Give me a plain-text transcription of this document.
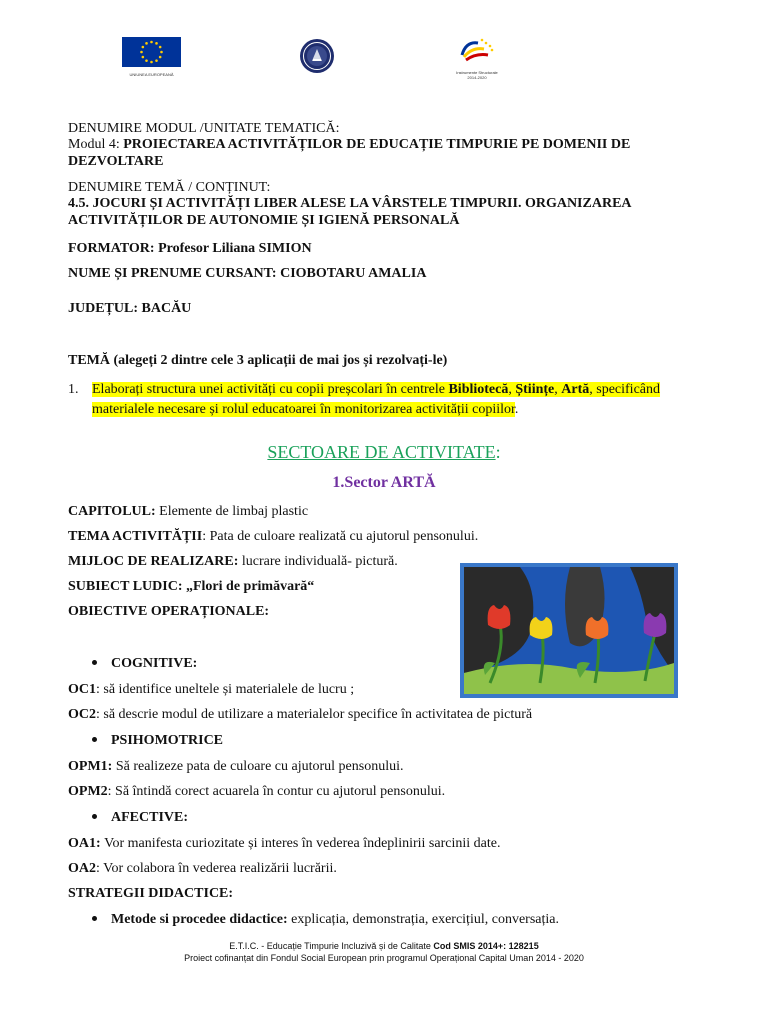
UNIUNEA EUROPEANĂ	Instrumente Structurale
2014-2020
DENUMIRE MODUL /UNITATE TEMATICĂ:
Modul 4: PROIECTAREA ACTIVITĂȚILOR DE EDUCAȚIE TIMPURIE PE DOMENII DE
DEZVOLTARE
DENUMIRE TEMĂ / CONȚINUT:
4.5. JOCURI ȘI ACTIVITĂȚI LIBER ALESE LA VÂRSTELE TIMPURII. ORGANIZAREA
ACTIVITĂȚILOR DE AUTONOMIE ȘI IGIENĂ PERSONALĂ
FORMATOR: Profesor Liliana SIMION
NUME ȘI PRENUME CURSANT: CIOBOTARU AMALIA
JUDEȚUL: BACĂU
TEMĂ (alegeți 2 dintre cele 3 aplicații de mai jos și rezolvați-le)
1. Elaborați structura unei activități cu copii preșcolari în centrele Bibliotecă, Științe, Artă, specificând
materialele necesare și rolul educatoarei în monitorizarea activității copiilor.
SECTOARE DE ACTIVITATE:
1.Sector ARTĂ
CAPITOLUL: Elemente de limbaj plastic
TEMA ACTIVITĂȚII: Pata de culoare realizată cu ajutorul pensonului.
MIJLOC DE REALIZARE: lucrare individuală- pictură.
SUBIECT LUDIC: „Flori de primăvară“
OBIECTIVE OPERAȚIONALE:
COGNITIVE:
OC1: să identifice uneltele și materialele de lucru ;
OC2: să descrie modul de utilizare a materialelor specifice în activitatea de pictură
PSIHOMOTRICE
OPM1: Să realizeze pata de culoare cu ajutorul pensonului.
OPM2: Să întindă corect acuarela în contur cu ajutorul pensonului.
AFECTIVE:
OA1: Vor manifesta curiozitate și interes în vederea îndeplinirii sarcinii date.
OA2: Vor colabora în vederea realizării lucrării.
STRATEGII DIDACTICE:
Metode si procedee didactice: explicația, demonstrația, exercițiul, conversația.
E.T.I.C. - Educație Timpurie Incluzivă și de Calitate Cod SMIS 2014+: 128215
Proiect cofinanțat din Fondul Social European prin programul Operațional Capital Uman 2014 - 2020
